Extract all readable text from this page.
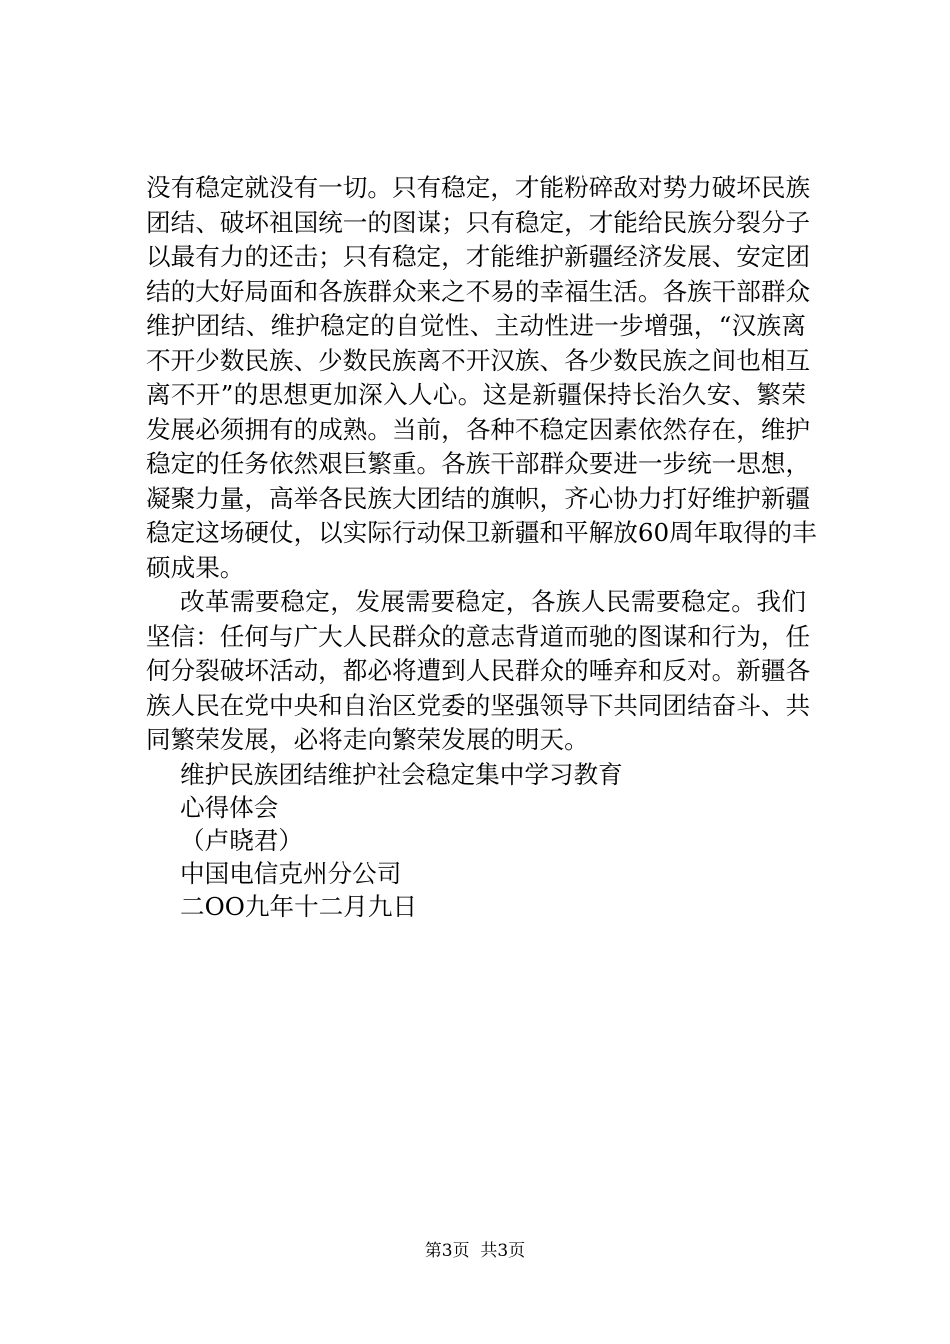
没有稳定就没有一切。只有稳定，才能粉碎敌对势力破坏民族
团结、破坏祖国统一的图谋；只有稳定，才能给民族分裂分子
以最有力的还击；只有稳定，才能维护新疆经济发展、安定团
结的大好局面和各族群众来之不易的幸福生活。各族干部群众
维护团结、维护稳定的自觉性、主动性进一步增强，“汉族离
不开少数民族、少数民族离不开汉族、各少数民族之间也相互
离不开”的思想更加深入人心。这是新疆保持长治久安、繁荣
发展必须拥有的成熟。当前，各种不稳定因素依然存在，维护
稳定的任务依然艰巨繁重。各族干部群众要进一步统一思想，
凝聚力量，高举各民族大团结的旗帜，齐心协力打好维护新疆
稳定这场硬仗，以实际行动保卫新疆和平解放60周年取得的丰
硕成果。
改革需要稳定，发展需要稳定，各族人民需要稳定。我们
坚信：任何与广大人民群众的意志背道而驰的图谋和行为，任
何分裂破坏活动，都必将遭到人民群众的唾弃和反对。新疆各
族人民在党中央和自治区党委的坚强领导下共同团结奋斗、共
同繁荣发展，必将走向繁荣发展的明天。
维护民族团结维护社会稳定集中学习教育
心得体会
（卢晓君）
中国电信克州分公司
二OO九年十二月九日
第3页  共3页
